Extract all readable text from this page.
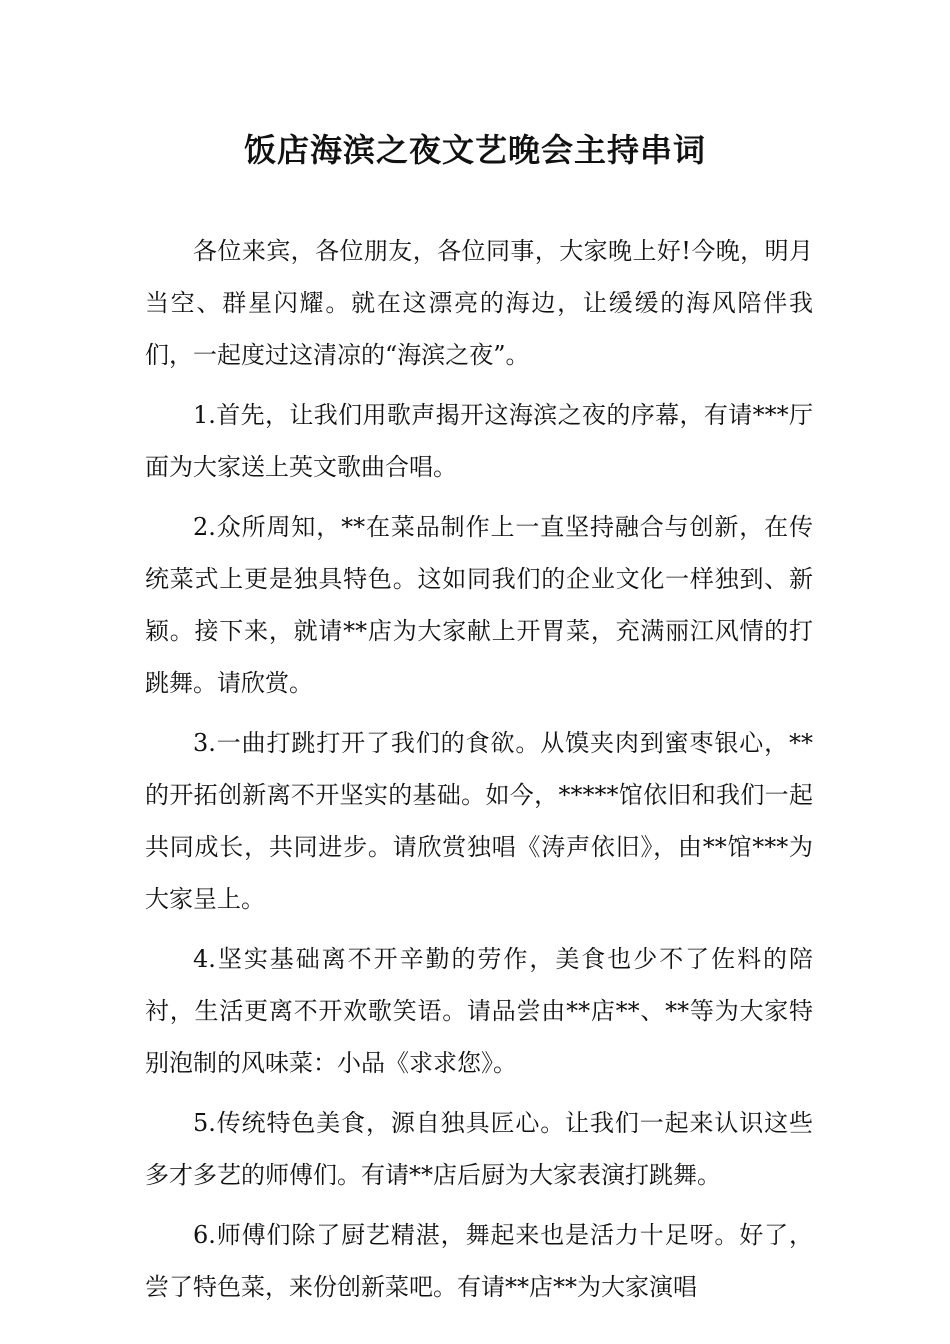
饭店海滨之夜文艺晚会主持串词

各位来宾，各位朋友，各位同事，大家晚上好!今晚，明月当空、群星闪耀。就在这漂亮的海边，让缓缓的海风陪伴我们，一起度过这清凉的“海滨之夜”。

1.首先，让我们用歌声揭开这海滨之夜的序幕，有请***厅面为大家送上英文歌曲合唱。

2.众所周知，**在菜品制作上一直坚持融合与创新，在传统菜式上更是独具特色。这如同我们的企业文化一样独到、新颖。接下来，就请**店为大家献上开胃菜，充满丽江风情的打跳舞。请欣赏。

3.一曲打跳打开了我们的食欲。从馍夹肉到蜜枣银心，**的开拓创新离不开坚实的基础。如今，*****馆依旧和我们一起共同成长，共同进步。请欣赏独唱《涛声依旧》，由**馆***为大家呈上。

4.坚实基础离不开辛勤的劳作，美食也少不了佐料的陪衬，生活更离不开欢歌笑语。请品尝由**店**、**等为大家特别泡制的风味菜：小品《求求您》。

5.传统特色美食，源自独具匠心。让我们一起来认识这些多才多艺的师傅们。有请**店后厨为大家表演打跳舞。

6.师傅们除了厨艺精湛，舞起来也是活力十足呀。好了，尝了特色菜，来份创新菜吧。有请**店**为大家演唱
